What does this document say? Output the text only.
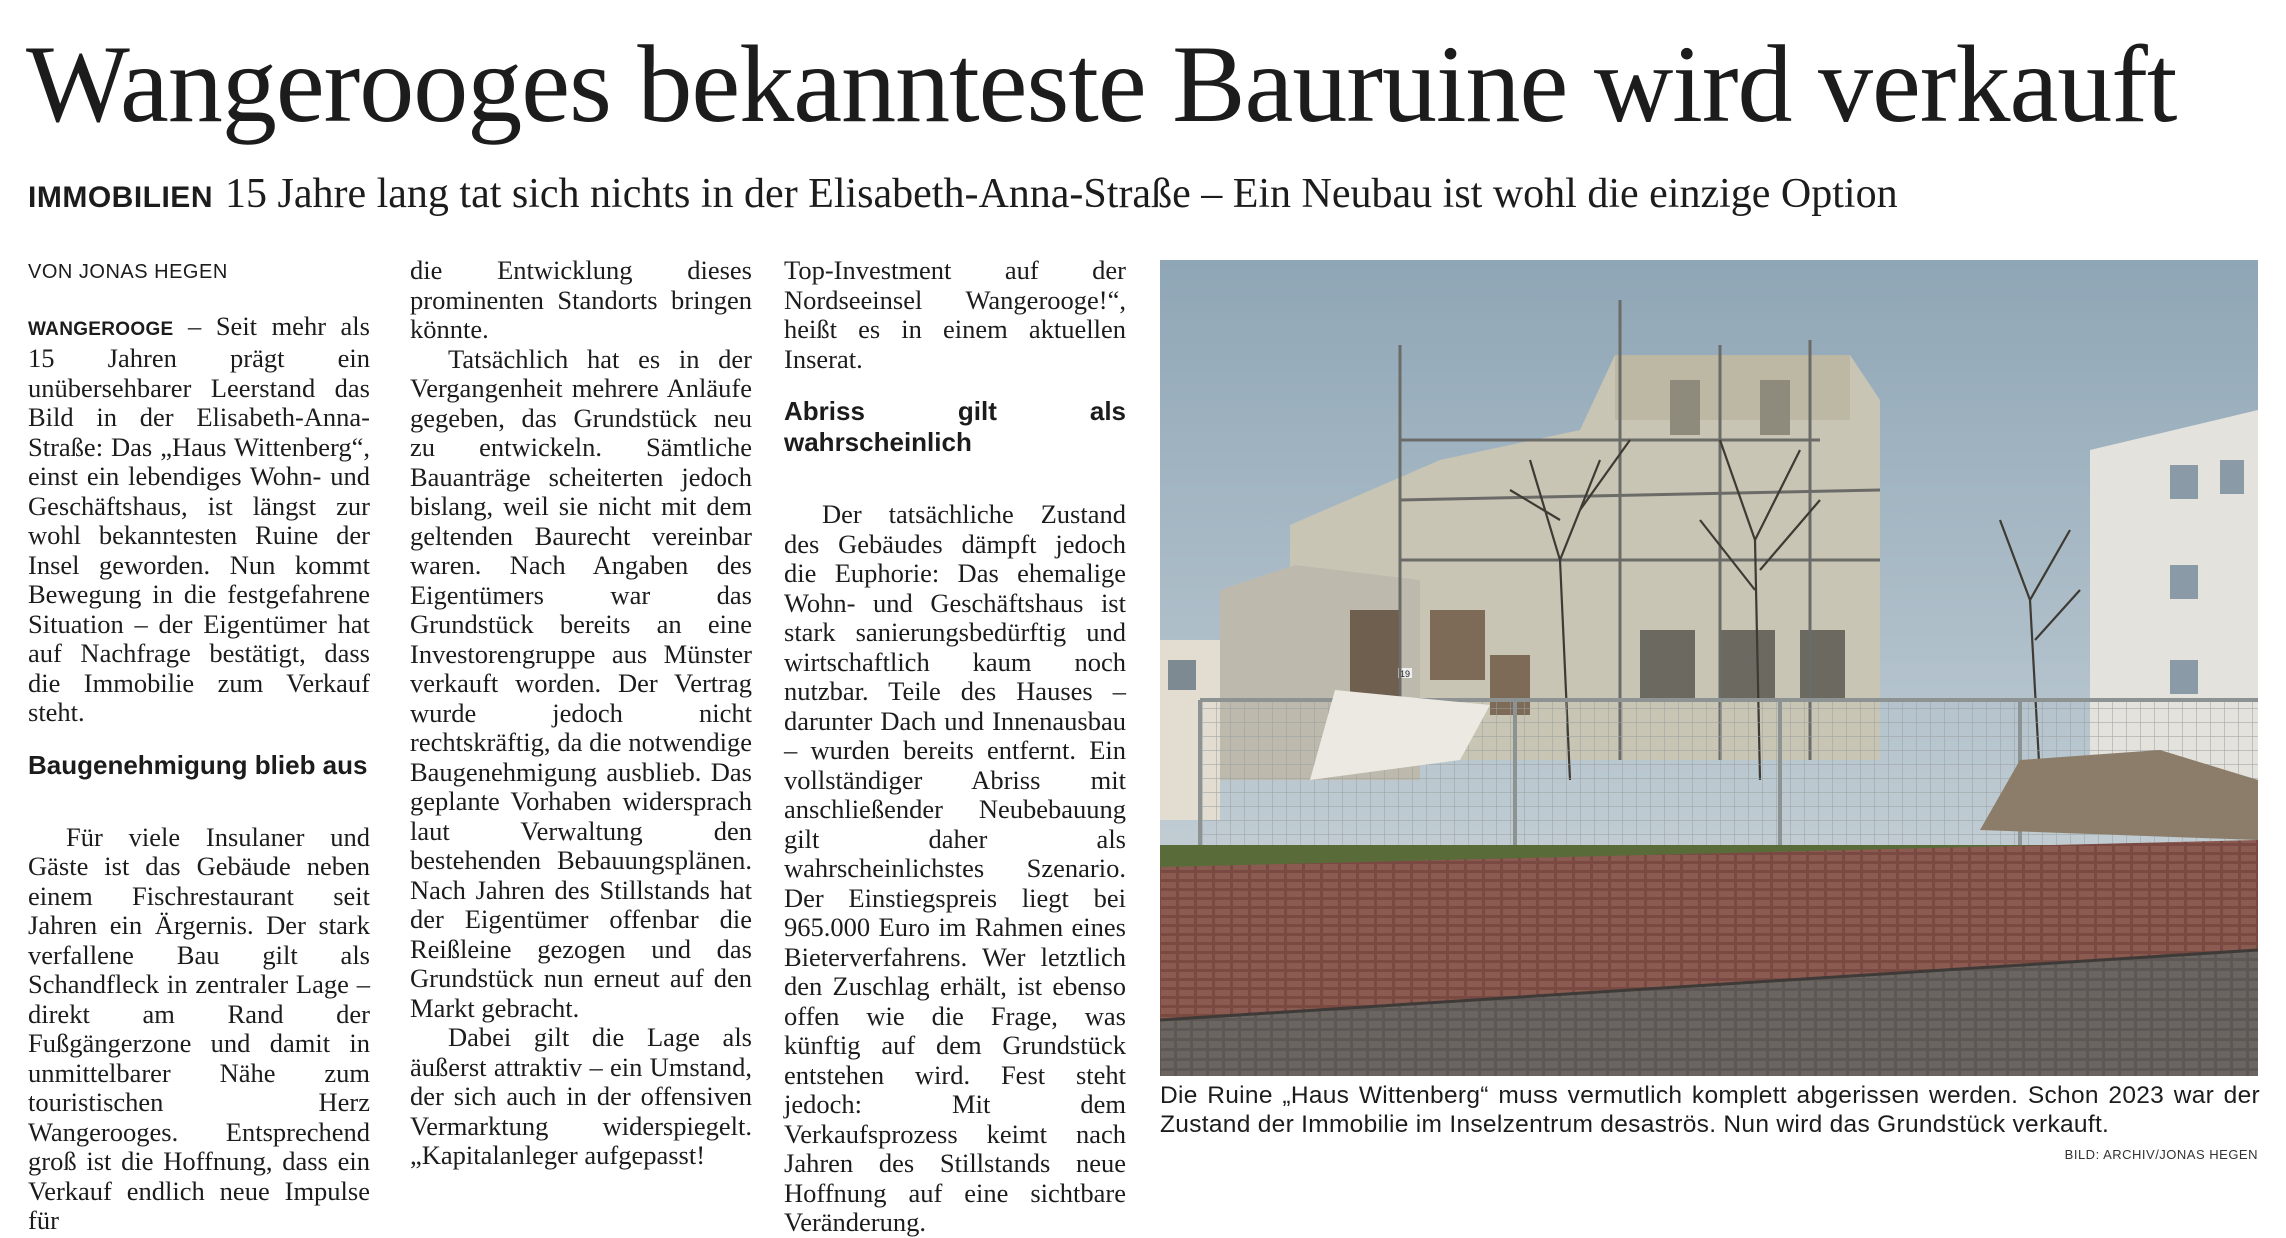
Wangerooges bekannteste Bauruine wird verkauft
IMMOBILIEN 15 Jahre lang tat sich nichts in der Elisabeth-Anna-Straße – Ein Neubau ist wohl die einzige Option
VON JONAS HEGEN

WANGEROOGE – Seit mehr als 15 Jahren prägt ein unübersehbarer Leerstand das Bild in der Elisabeth-Anna-Straße: Das „Haus Wittenberg“, einst ein lebendiges Wohn- und Geschäftshaus, ist längst zur wohl bekanntesten Ruine der Insel geworden. Nun kommt Bewegung in die festgefahrene Situation – der Eigentümer hat auf Nachfrage bestätigt, dass die Immobilie zum Verkauf steht.

Baugenehmigung blieb aus

Für viele Insulaner und Gäste ist das Gebäude neben einem Fischrestaurant seit Jahren ein Ärgernis. Der stark verfallene Bau gilt als Schandfleck in zentraler Lage – direkt am Rand der Fußgängerzone und damit in unmittelbarer Nähe zum touristischen Herz Wangerooges. Entsprechend groß ist die Hoffnung, dass ein Verkauf endlich neue Impulse für

die Entwicklung dieses prominenten Standorts bringen könnte.

Tatsächlich hat es in der Vergangenheit mehrere Anläufe gegeben, das Grundstück neu zu entwickeln. Sämtliche Bauanträge scheiterten jedoch bislang, weil sie nicht mit dem geltenden Baurecht vereinbar waren. Nach Angaben des Eigentümers war das Grundstück bereits an eine Investorengruppe aus Münster verkauft worden. Der Vertrag wurde jedoch nicht rechtskräftig, da die notwendige Baugenehmigung ausblieb. Das geplante Vorhaben widersprach laut Verwaltung den bestehenden Bebauungsplänen. Nach Jahren des Stillstands hat der Eigentümer offenbar die Reißleine gezogen und das Grundstück nun erneut auf den Markt gebracht.

Dabei gilt die Lage als äußerst attraktiv – ein Umstand, der sich auch in der offensiven Vermarktung widerspiegelt. „Kapitalanleger aufgepasst!

Top-Investment auf der Nordseeinsel Wangerooge!“, heißt es in einem aktuellen Inserat.

Abriss gilt als wahrscheinlich

Der tatsächliche Zustand des Gebäudes dämpft jedoch die Euphorie: Das ehemalige Wohn- und Geschäftshaus ist stark sanierungsbedürftig und wirtschaftlich kaum noch nutzbar. Teile des Hauses – darunter Dach und Innenausbau – wurden bereits entfernt. Ein vollständiger Abriss mit anschließender Neubebauung gilt daher als wahrscheinlichstes Szenario. Der Einstiegspreis liegt bei 965.000 Euro im Rahmen eines Bieterverfahrens. Wer letztlich den Zuschlag erhält, ist ebenso offen wie die Frage, was künftig auf dem Grundstück entstehen wird. Fest steht jedoch: Mit dem Verkaufsprozess keimt nach Jahren des Stillstands neue Hoffnung auf eine sichtbare Veränderung.

19
Die Ruine „Haus Wittenberg“ muss vermutlich komplett abgerissen werden. Schon 2023 war der Zustand der Immobilie im Inselzentrum desaströs. Nun wird das Grundstück verkauft.
BILD: ARCHIV/JONAS HEGEN
